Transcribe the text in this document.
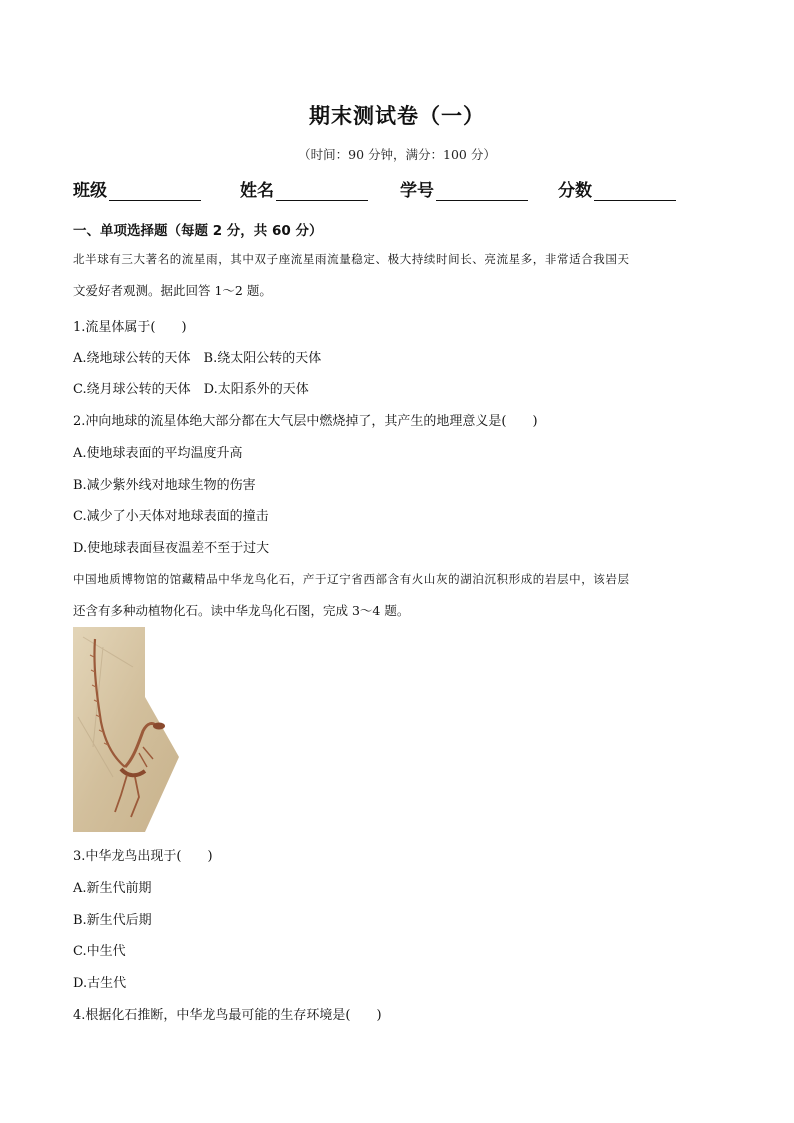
期末测试卷（一）
（时间：90 分钟，满分：100 分）
班级	姓名	学号	分数
一、单项选择题（每题 2 分，共 60 分）
北半球有三大著名的流星雨，其中双子座流星雨流量稳定、极大持续时间长、亮流星多，非常适合我国天
文爱好者观测。据此回答 1～2 题。
1.流星体属于(　　)
A.绕地球公转的天体　B.绕太阳公转的天体
C.绕月球公转的天体　D.太阳系外的天体
2.冲向地球的流星体绝大部分都在大气层中燃烧掉了，其产生的地理意义是(　　)
A.使地球表面的平均温度升高
B.减少紫外线对地球生物的伤害
C.减少了小天体对地球表面的撞击
D.使地球表面昼夜温差不至于过大
中国地质博物馆的馆藏精品中华龙鸟化石，产于辽宁省西部含有火山灰的湖泊沉积形成的岩层中，该岩层
还含有多种动植物化石。读中华龙鸟化石图，完成 3～4 题。
3.中华龙鸟出现于(　　)
A.新生代前期
B.新生代后期
C.中生代
D.古生代
4.根据化石推断，中华龙鸟最可能的生存环境是(　　)
